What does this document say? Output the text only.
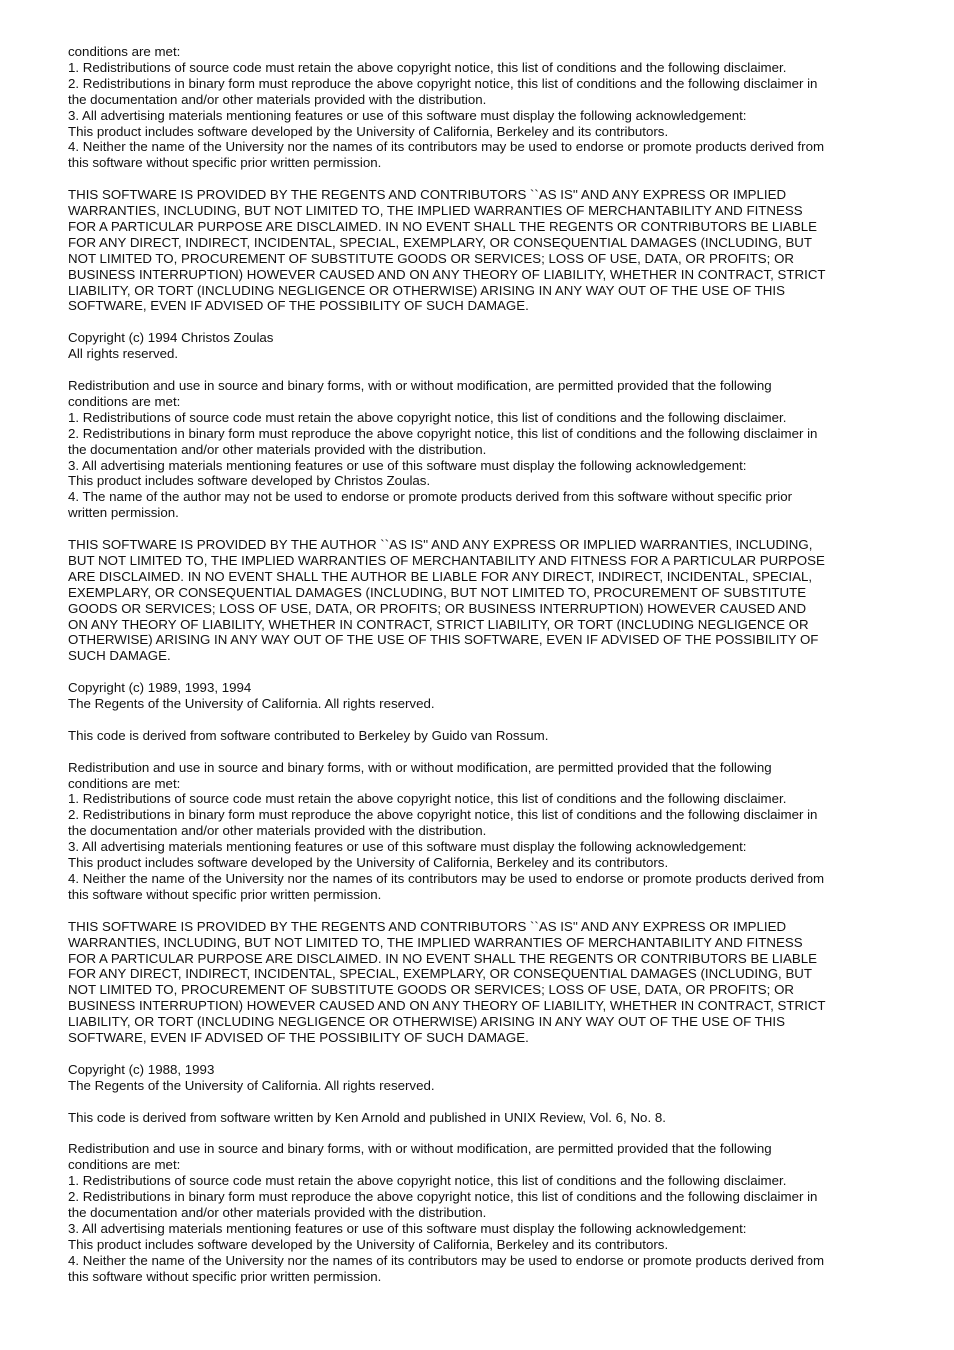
conditions are met:
1. Redistributions of source code must retain the above copyright notice, this list of conditions and the following disclaimer.
2. Redistributions in binary form must reproduce the above copyright notice, this list of conditions and the following disclaimer in
the documentation and/or other materials provided with the distribution.
3. All advertising materials mentioning features or use of this software must display the following acknowledgement:
This product includes software developed by the University of California, Berkeley and its contributors.
4. Neither the name of the University nor the names of its contributors may be used to endorse or promote products derived from
this software without specific prior written permission.
THIS SOFTWARE IS PROVIDED BY THE REGENTS AND CONTRIBUTORS ``AS IS'' AND ANY EXPRESS OR IMPLIED
WARRANTIES, INCLUDING, BUT NOT LIMITED TO, THE IMPLIED WARRANTIES OF MERCHANTABILITY AND FITNESS
FOR A PARTICULAR PURPOSE ARE DISCLAIMED. IN NO EVENT SHALL THE REGENTS OR CONTRIBUTORS BE LIABLE
FOR ANY DIRECT, INDIRECT, INCIDENTAL, SPECIAL, EXEMPLARY, OR CONSEQUENTIAL DAMAGES (INCLUDING, BUT
NOT LIMITED TO, PROCUREMENT OF SUBSTITUTE GOODS OR SERVICES; LOSS OF USE, DATA, OR PROFITS; OR
BUSINESS INTERRUPTION) HOWEVER CAUSED AND ON ANY THEORY OF LIABILITY, WHETHER IN CONTRACT, STRICT
LIABILITY, OR TORT (INCLUDING NEGLIGENCE OR OTHERWISE) ARISING IN ANY WAY OUT OF THE USE OF THIS
SOFTWARE, EVEN IF ADVISED OF THE POSSIBILITY OF SUCH DAMAGE.
Copyright (c) 1994 Christos Zoulas
All rights reserved.
Redistribution and use in source and binary forms, with or without modification, are permitted provided that the following
conditions are met:
1. Redistributions of source code must retain the above copyright notice, this list of conditions and the following disclaimer.
2. Redistributions in binary form must reproduce the above copyright notice, this list of conditions and the following disclaimer in
the documentation and/or other materials provided with the distribution.
3. All advertising materials mentioning features or use of this software must display the following acknowledgement:
This product includes software developed by Christos Zoulas.
4. The name of the author may not be used to endorse or promote products derived from this software without specific prior
written permission.
THIS SOFTWARE IS PROVIDED BY THE AUTHOR ``AS IS'' AND ANY EXPRESS OR IMPLIED WARRANTIES, INCLUDING,
BUT NOT LIMITED TO, THE IMPLIED WARRANTIES OF MERCHANTABILITY AND FITNESS FOR A PARTICULAR PURPOSE
ARE DISCLAIMED. IN NO EVENT SHALL THE AUTHOR BE LIABLE FOR ANY DIRECT, INDIRECT, INCIDENTAL, SPECIAL,
EXEMPLARY, OR CONSEQUENTIAL DAMAGES (INCLUDING, BUT NOT LIMITED TO, PROCUREMENT OF SUBSTITUTE
GOODS OR SERVICES; LOSS OF USE, DATA, OR PROFITS; OR BUSINESS INTERRUPTION) HOWEVER CAUSED AND
ON ANY THEORY OF LIABILITY, WHETHER IN CONTRACT, STRICT LIABILITY, OR TORT (INCLUDING NEGLIGENCE OR
OTHERWISE) ARISING IN ANY WAY OUT OF THE USE OF THIS SOFTWARE, EVEN IF ADVISED OF THE POSSIBILITY OF
SUCH DAMAGE.
Copyright (c) 1989, 1993, 1994
The Regents of the University of California. All rights reserved.
This code is derived from software contributed to Berkeley by Guido van Rossum.
Redistribution and use in source and binary forms, with or without modification, are permitted provided that the following
conditions are met:
1. Redistributions of source code must retain the above copyright notice, this list of conditions and the following disclaimer.
2. Redistributions in binary form must reproduce the above copyright notice, this list of conditions and the following disclaimer in
the documentation and/or other materials provided with the distribution.
3. All advertising materials mentioning features or use of this software must display the following acknowledgement:
This product includes software developed by the University of California, Berkeley and its contributors.
4. Neither the name of the University nor the names of its contributors may be used to endorse or promote products derived from
this software without specific prior written permission.
THIS SOFTWARE IS PROVIDED BY THE REGENTS AND CONTRIBUTORS ``AS IS'' AND ANY EXPRESS OR IMPLIED
WARRANTIES, INCLUDING, BUT NOT LIMITED TO, THE IMPLIED WARRANTIES OF MERCHANTABILITY AND FITNESS
FOR A PARTICULAR PURPOSE ARE DISCLAIMED. IN NO EVENT SHALL THE REGENTS OR CONTRIBUTORS BE LIABLE
FOR ANY DIRECT, INDIRECT, INCIDENTAL, SPECIAL, EXEMPLARY, OR CONSEQUENTIAL DAMAGES (INCLUDING, BUT
NOT LIMITED TO, PROCUREMENT OF SUBSTITUTE GOODS OR SERVICES; LOSS OF USE, DATA, OR PROFITS; OR
BUSINESS INTERRUPTION) HOWEVER CAUSED AND ON ANY THEORY OF LIABILITY, WHETHER IN CONTRACT, STRICT
LIABILITY, OR TORT (INCLUDING NEGLIGENCE OR OTHERWISE) ARISING IN ANY WAY OUT OF THE USE OF THIS
SOFTWARE, EVEN IF ADVISED OF THE POSSIBILITY OF SUCH DAMAGE.
Copyright (c) 1988, 1993
The Regents of the University of California. All rights reserved.
This code is derived from software written by Ken Arnold and published in UNIX Review, Vol. 6, No. 8.
Redistribution and use in source and binary forms, with or without modification, are permitted provided that the following
conditions are met:
1. Redistributions of source code must retain the above copyright notice, this list of conditions and the following disclaimer.
2. Redistributions in binary form must reproduce the above copyright notice, this list of conditions and the following disclaimer in
the documentation and/or other materials provided with the distribution.
3. All advertising materials mentioning features or use of this software must display the following acknowledgement:
This product includes software developed by the University of California, Berkeley and its contributors.
4. Neither the name of the University nor the names of its contributors may be used to endorse or promote products derived from
this software without specific prior written permission.
